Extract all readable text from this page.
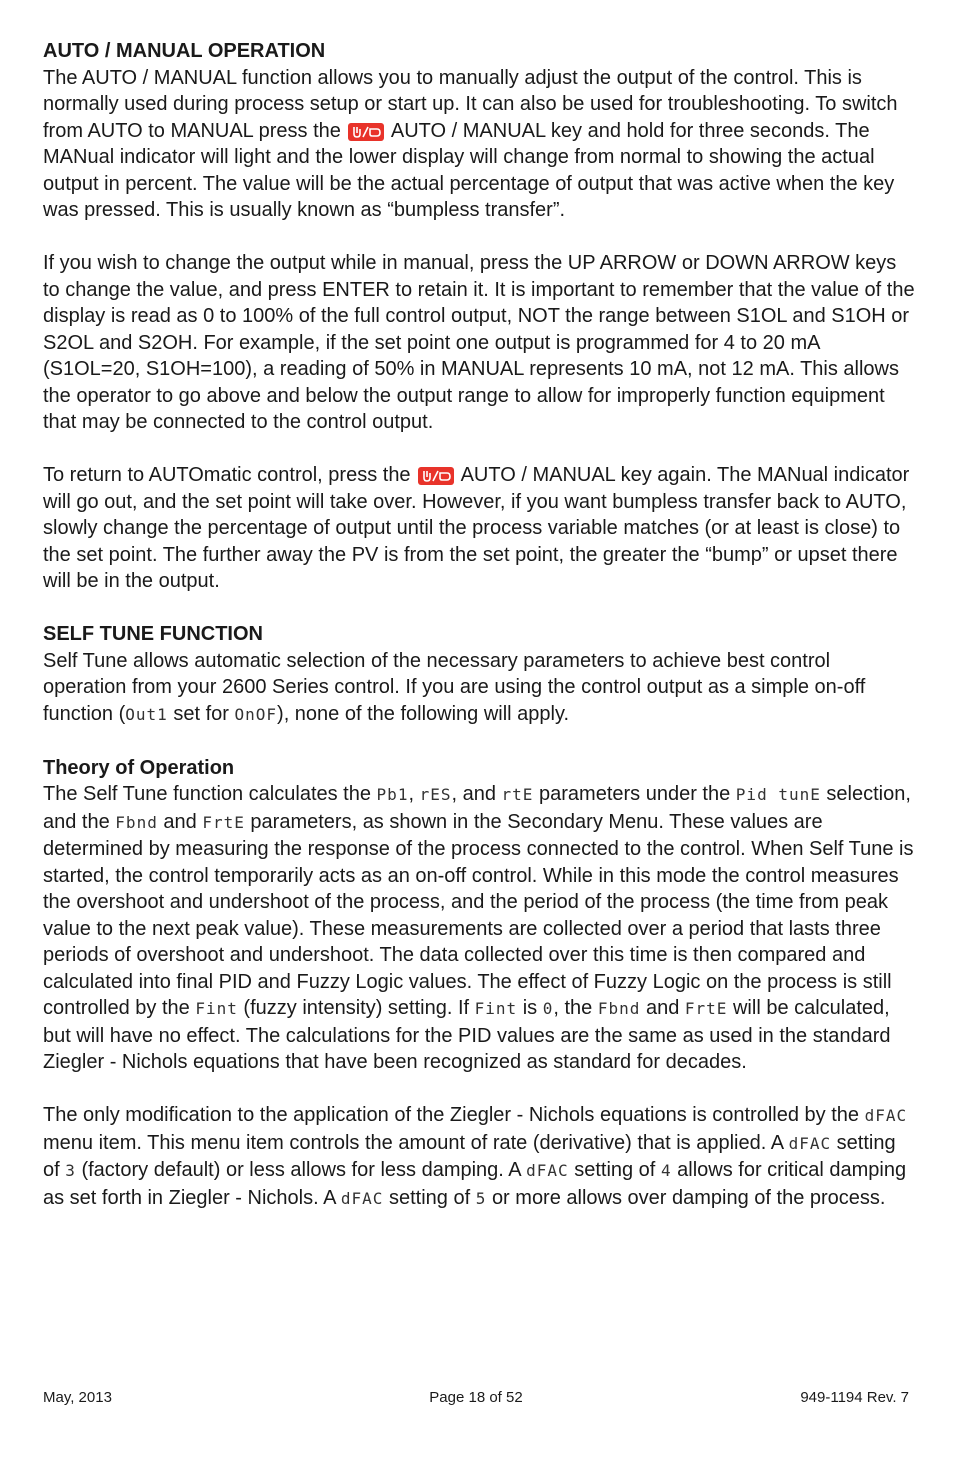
AUTO / MANUAL OPERATION

The AUTO / MANUAL function allows you to manually adjust the output of the control. This is normally used during process setup or start up. It can also be used for troubleshooting. To switch from AUTO to MANUAL press the	AUTO / MANUAL key and hold for three seconds. The MANual indicator will light and the lower display will change from normal to showing the actual output in percent. The value will be the actual percentage of output that was active when the key was pressed. This is usually known as “bumpless transfer”.

If you wish to change the output while in manual, press the UP ARROW or DOWN ARROW keys to change the value, and press ENTER to retain it. It is important to remember that the value of the display is read as 0 to 100% of the full control output, NOT the range between S1OL and S1OH or S2OL and S2OH. For example, if the set point one output is programmed for 4 to 20 mA (S1OL=20, S1OH=100), a reading of 50% in MANUAL represents 10 mA, not 12 mA. This allows the operator to go above and below the output range to allow for improperly function equipment that may be connected to the control output.

To return to AUTOmatic control, press the	AUTO / MANUAL key again. The MANual indicator will go out, and the set point will take over. However, if you want bumpless transfer back to AUTO, slowly change the percentage of output until the process variable matches (or at least is close) to the set point. The further away the PV is from the set point, the greater the “bump” or upset there will be in the output.

SELF TUNE FUNCTION

Self Tune allows automatic selection of the necessary parameters to achieve best control operation from your 2600 Series control. If you are using the control output as a simple on-off function (Out1 set for OnOF), none of the following will apply.

Theory of Operation

The Self Tune function calculates the Pb1, rES, and rtE parameters under the Pid tunE selection, and the Fbnd and FrtE parameters, as shown in the Secondary Menu. These values are determined by measuring the response of the process connected to the control. When Self Tune is started, the control temporarily acts as an on-off control. While in this mode the control measures the overshoot and undershoot of the process, and the period of the process (the time from peak value to the next peak value). These measurements are collected over a period that lasts three periods of overshoot and undershoot. The data collected over this time is then compared and calculated into final PID and Fuzzy Logic values. The effect of Fuzzy Logic on the process is still controlled by the Fint (fuzzy intensity) setting. If Fint is 0, the Fbnd and FrtE will be calculated, but will have no effect. The calculations for the PID values are the same as used in the standard Ziegler - Nichols equations that have been recognized as standard for decades.

The only modification to the application of the Ziegler - Nichols equations is controlled by the dFAC menu item. This menu item controls the amount of rate (derivative) that is applied. A dFAC setting of 3 (factory default) or less allows for less damping. A dFAC setting of 4 allows for critical damping as set forth in Ziegler - Nichols. A dFAC setting of 5 or more allows over damping of the process.

May, 2013	Page 18 of 52	949-1194 Rev. 7
